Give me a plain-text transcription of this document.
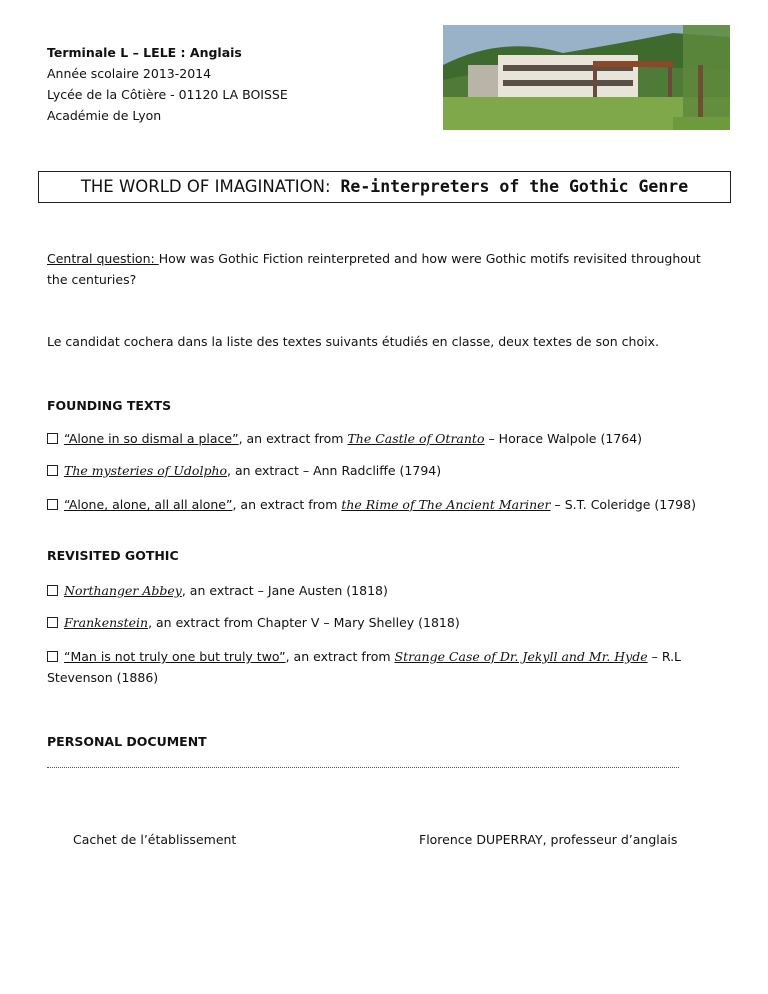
Terminale L – LELE : Anglais
Année scolaire 2013-2014
Lycée de la Côtière - 01120 LA BOISSE
Académie de Lyon
THE WORLD OF IMAGINATION: Re-interpreters of the Gothic Genre
Central question: How was Gothic Fiction reinterpreted and how were Gothic motifs revisited throughout the centuries?
Le candidat cochera dans la liste des textes suivants étudiés en classe, deux textes de son choix.
FOUNDING TEXTS
“Alone in so dismal a place”, an extract from The Castle of Otranto – Horace Walpole (1764)
The mysteries of Udolpho, an extract – Ann Radcliffe (1794)
“Alone, alone, all all alone”, an extract from the Rime of The Ancient Mariner – S.T. Coleridge (1798)
REVISITED GOTHIC
Northanger Abbey, an extract – Jane Austen (1818)
Frankenstein, an extract from Chapter V – Mary Shelley (1818)
“Man is not truly one but truly two”, an extract from Strange Case of Dr. Jekyll and Mr. Hyde – R.L Stevenson (1886)
PERSONAL DOCUMENT
Cachet de l’établissement	Florence DUPERRAY, professeur d’anglais
